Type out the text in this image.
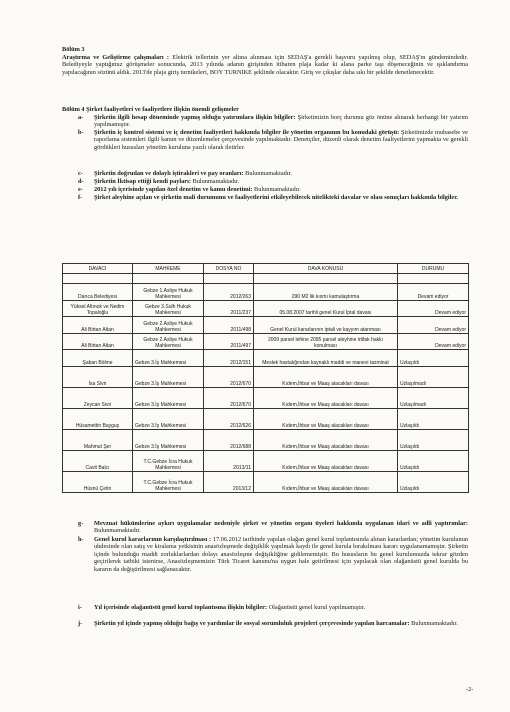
Bölüm 3
Araştırma ve Geliştirme çalışmaları : Elektrik tellerinin yer altına alınması için SEDAŞ'a gerekli başvuru yapılmış olup, SEDAŞ'ın gündemindedir. Belediyeyle yaptığımız görüşmeler sonucunda, 2013 yılında adanın girişinden itibaren plaja kadar ki alana parke taşı döşeneceğinin ve ışıklandırma yapılacağının sözünü aldık. 2013'de plaja giriş turnikeleri, BOY TURNİKE şeklinde olacaktır. Giriş ve çıkışlar daha sıkı bir şekilde denetlenecektir.
Bölüm 4 Şirket faaliyetleri ve faaliyetlere ilişkin önemli gelişmeler
a- Şirketin ilgili hesap döneminde yapmış olduğu yatırımlara ilişkin bilgiler: Şirketimizin borç durumu göz önüne alınarak herhangi bir yatırım yapılmamıştır.
b- Şirketin iç kontrol sistemi ve iç denetim faaliyetleri hakkında bilgiler ile yönetim organının bu konudaki görüşü: Şirketimizde mubasebe ve raporlama sistemleri ilgili kanun ve düzenlemeler çerçevesinde yapılmaktadır. Denetçiler, düzenli olarak denetim faaliyetlerini yapmakta ve gerekli gördükleri hususları yönetim kuruluna yazılı olarak iletirler.
c- Şirketin doğrudan ve dolaylı iştirakleri ve pay oranları: Bulunmamaktadır.
d- Şirketin İktisap ettiği kendi payları: Bulunmamaktadır.
e- 2012 yılı içerisinde yapılan özel denetim ve kamu denetimi: Bulunmamaktadır.
f- Şirket aleyhine açılan ve şirketin mali durumunu ve faaliyetlerini etkileyebilecek nitelikteki davalar ve olası sonuçları hakkında bilgiler.
DAVACI	MAHKEME	DOSYA NO	DAVA KONUSU	DURUMU

Darıca Belediyesi	Gebze 1.Asliye Hukuk Mahkemesi	2012/263	290 M2 lik kısmı kamulaştırma	Devam ediyor
Yüksel Altınok ve Nedim Topaloğlu	Gebze 3.Sulh Hukuk Mahkemesi	2011/237	05.08.2007 tarihli genel Kurul İptal davası	Devam ediyor
Ali Birtan Altan	Gebze 2.Asliye Hukuk Mahkemesi	2011/498	Genel Kurul kararlarının iptali ve kayyım atanması	Devam ediyor
Ali Birtan Altan	Gebze 2.Asliye Hukuk Mahkemesi	2011/497	2009 parsel lehine 2095 parsel aleyhine irtifak hakkı konulması	Devam ediyor
Şaban Bölme	Gebze 3.İş Mahkemesi	2012/151	Meslek hastalığından kaynaklı maddi ve manevi tazminat	Uzlaşıldı
İsa Sivri	Gebze 3.İş Mahkemesi	2012/670	Kıdem,İhbar ve Maaş alacakları davası	Uzlaşılmadı
Zeycan Sivri	Gebze 3.İş Mahkemesi	2012/670	Kıdem,İhbar ve Maaş alacakları davası	Uzlaşılmadı
Hüsamettin Bayguş	Gebze 3.İş Mahkemesi	2012/626	Kıdem,İhbar ve Maaş alacakları davası	Uzlaşıldı
Mahmut Şer	Gebze 3.İş Mahkemesi	2012/688	Kıdem,İhbar ve Maaş alacakları davası	Uzlaşıldı
Cavit Balcı	T.C.Gebze İcra Hukuk Mahkemesi	2013/11	Kıdem,İhbar ve Maaş alacakları davası	Uzlaşıldı
Hüsnü Çetin	T.C.Gebze İcra Hukuk Mahkemesi	2013/12	Kıdem,İhbar ve Maaş alacakları davası	Uzlaşıldı
g- Mevzuat hükümlerine aykırı uygulamalar nedeniyle şirket ve yönetim organı üyeleri hakkında uygulanan idari ve adli yaptırımlar: Bulunmamaktadır.
h- Genel kurul kararlarının karşılaştırılması : 17.06.2012 tarihinde yapılan olağan genel kurul toplantısında alınan kararlardan; yönetim kurulunun uhdesinde olan satış ve kiralama yetkisinin anasözleşmede değişiklik yapılmak kaydı ile genel kurula bırakılması kararı uygulanamamıştır. Şirketin içinde bulunduğu maddi zorluklarlardan dolayı anasözleşme değişikliğine gidilememiştir. Bu hususların bu genel kurulumuzda tekrar gözden geçirilerek tatbiki istenirse, Anasözleşmemizin Türk Ticaret kanunu'na uygun hale getirilmesi için yapılacak olan olağanüstü genel kurulda bu kararın da değiştirilmesi sağlanacaktır.
i- Yıl içerisinde olağanüstü genel kurul toplantısına ilişkin bilgiler: Olağanüstü genel kurul yapılmamıştır.
j- Şirketin yıl içinde yapmış olduğu bağış ve yardımlar ile sosyal sorumluluk projeleri çerçevesinde yapılan harcamalar: Bulunmamaktadır.
-2-
